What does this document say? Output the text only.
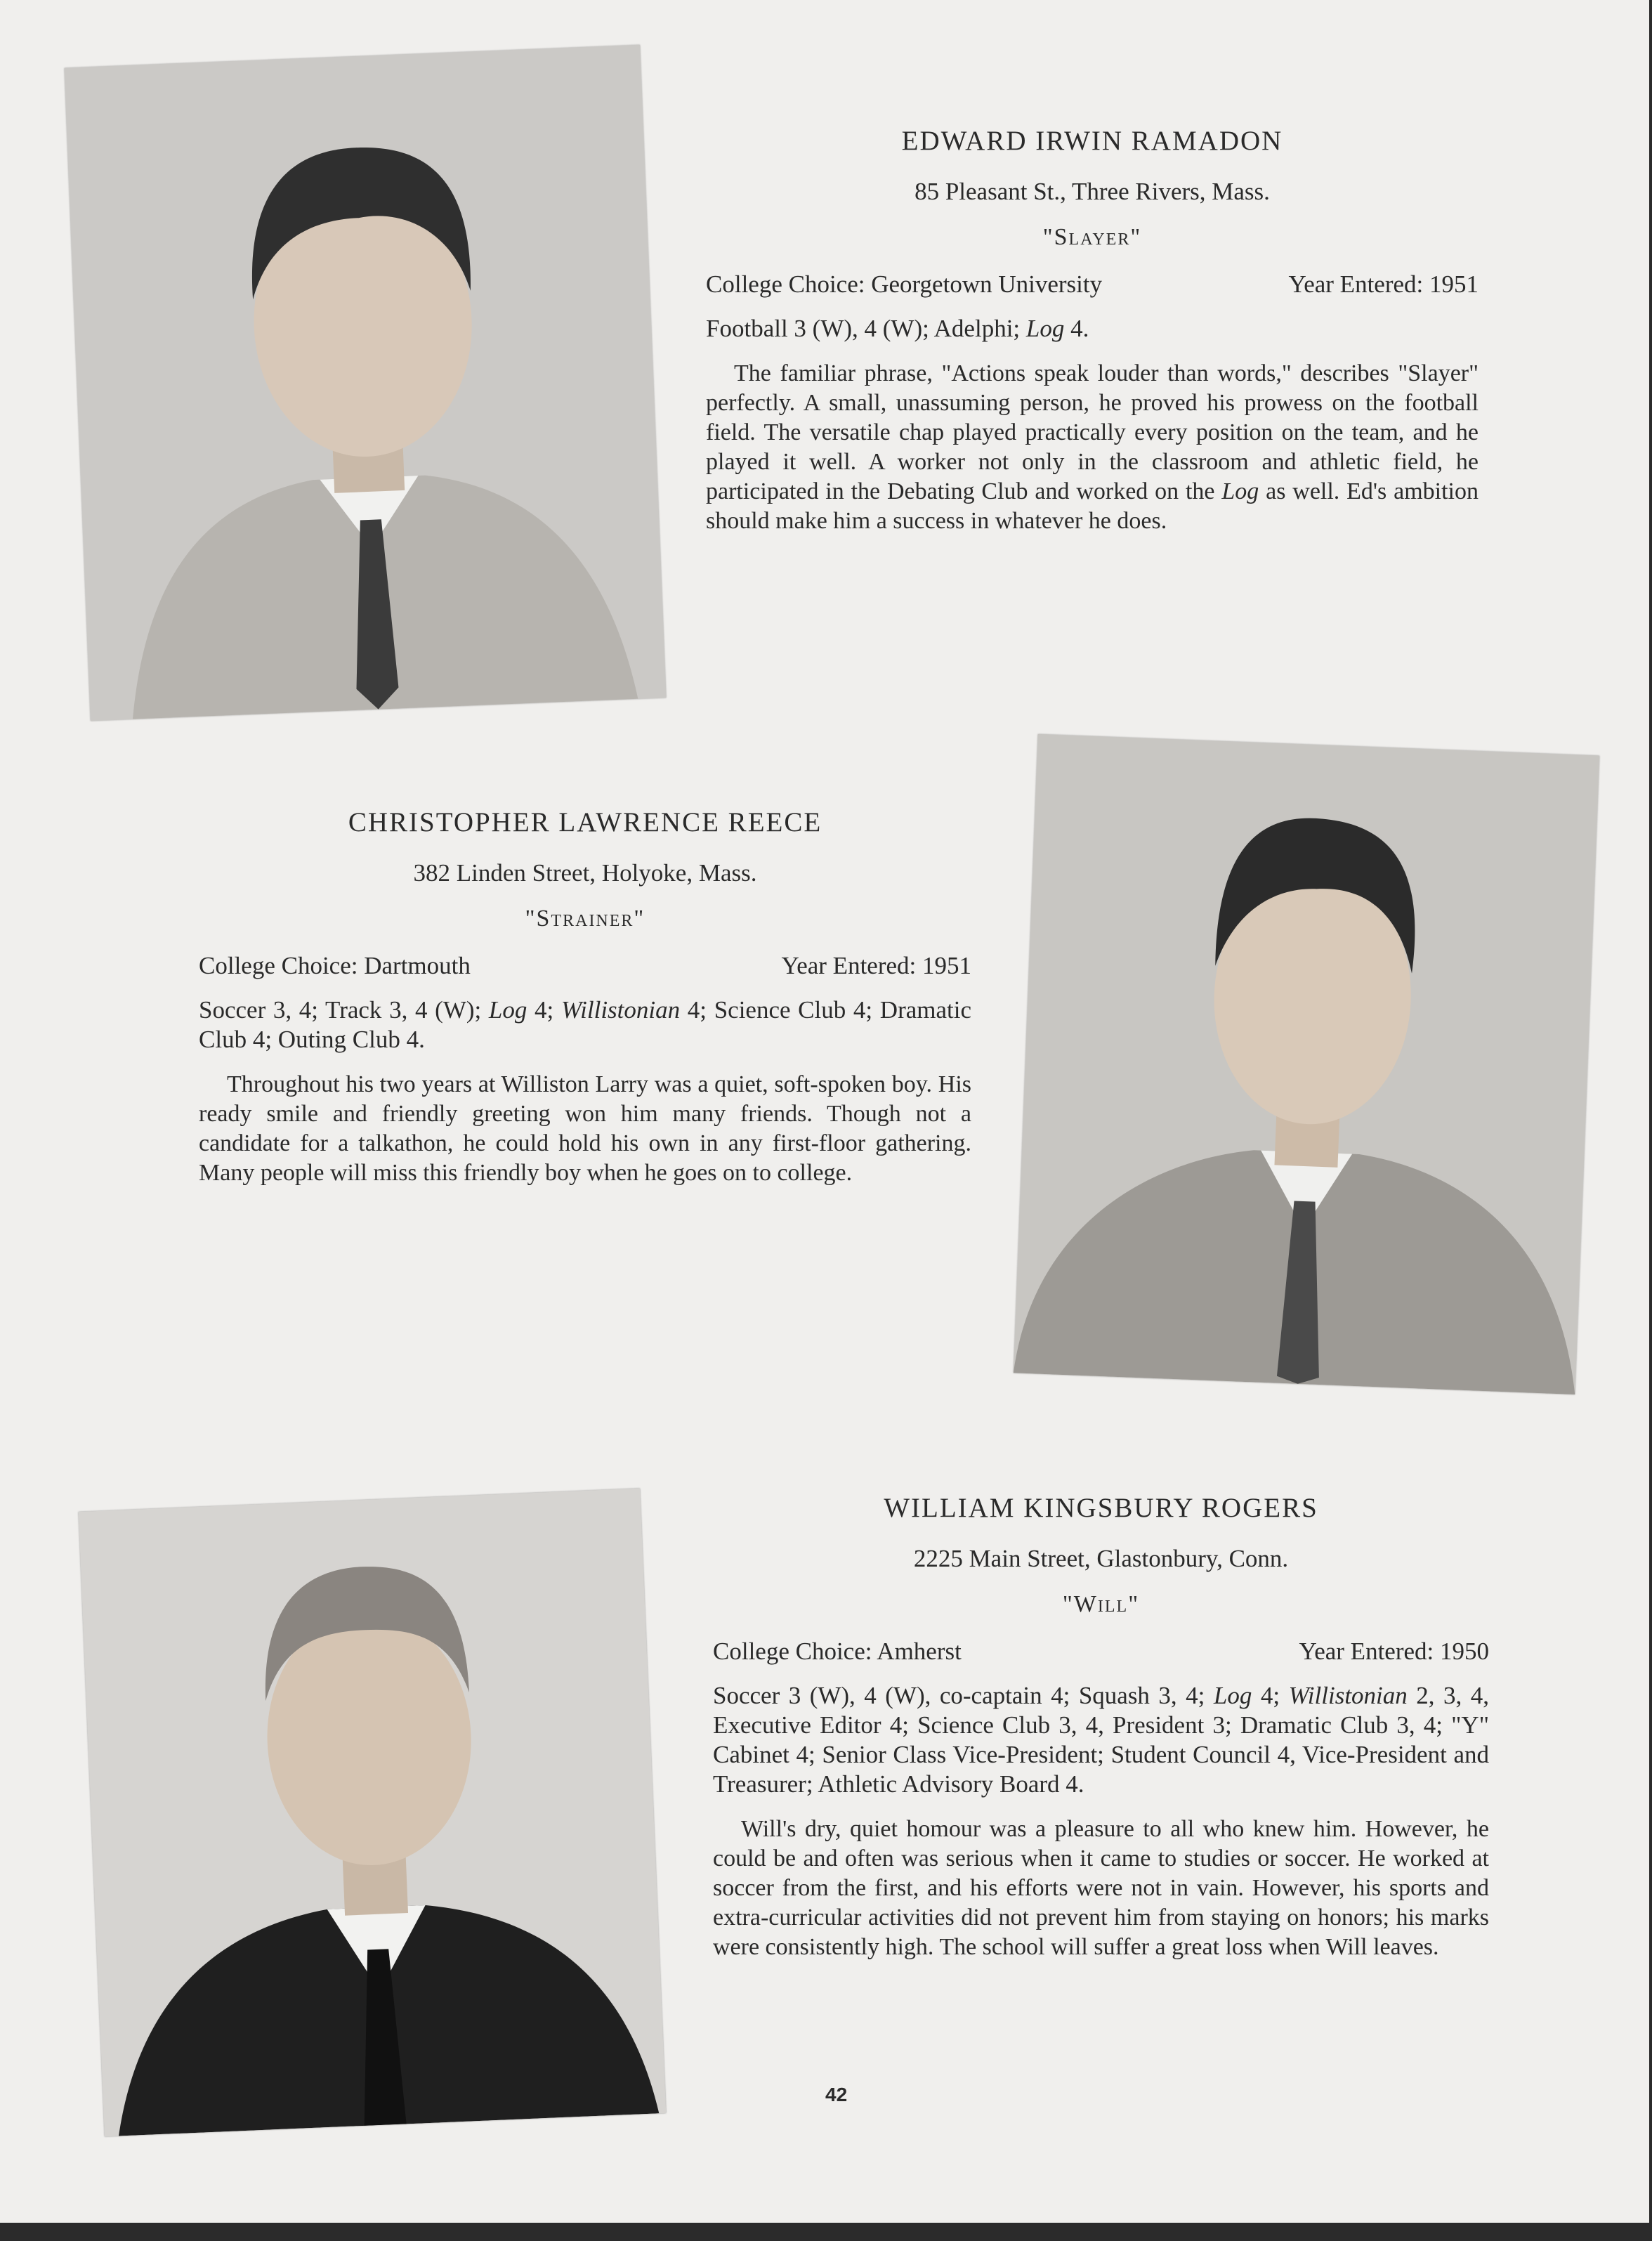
EDWARD IRWIN RAMADON

85 Pleasant St., Three Rivers, Mass.
"Slayer"
College Choice: Georgetown University	Year Entered: 1951
Football 3 (W), 4 (W); Adelphi; Log 4.
The familiar phrase, "Actions speak louder than words," describes "Slayer" perfectly. A small, unassuming person, he proved his prowess on the football field. The versatile chap played practically every position on the team, and he played it well. A worker not only in the classroom and athletic field, he participated in the Debating Club and worked on the Log as well. Ed's ambition should make him a success in whatever he does.

CHRISTOPHER LAWRENCE REECE

382 Linden Street, Holyoke, Mass.
"Strainer"
College Choice: Dartmouth	Year Entered: 1951
Soccer 3, 4; Track 3, 4 (W); Log 4; Willistonian 4; Science Club 4; Dramatic Club 4; Outing Club 4.
Throughout his two years at Williston Larry was a quiet, soft-spoken boy. His ready smile and friendly greeting won him many friends. Though not a candidate for a talkathon, he could hold his own in any first-floor gathering. Many people will miss this friendly boy when he goes on to college.

WILLIAM KINGSBURY ROGERS

2225 Main Street, Glastonbury, Conn.
"Will"
College Choice: Amherst	Year Entered: 1950
Soccer 3 (W), 4 (W), co-captain 4; Squash 3, 4; Log 4; Willistonian 2, 3, 4, Executive Editor 4; Science Club 3, 4, President 3; Dramatic Club 3, 4; "Y" Cabinet 4; Senior Class Vice-President; Student Council 4, Vice-President and Treasurer; Athletic Advisory Board 4.
Will's dry, quiet homour was a pleasure to all who knew him. However, he could be and often was serious when it came to studies or soccer. He worked at soccer from the first, and his efforts were not in vain. However, his sports and extra-curricular activities did not prevent him from staying on honors; his marks were consistently high. The school will suffer a great loss when Will leaves.
42
